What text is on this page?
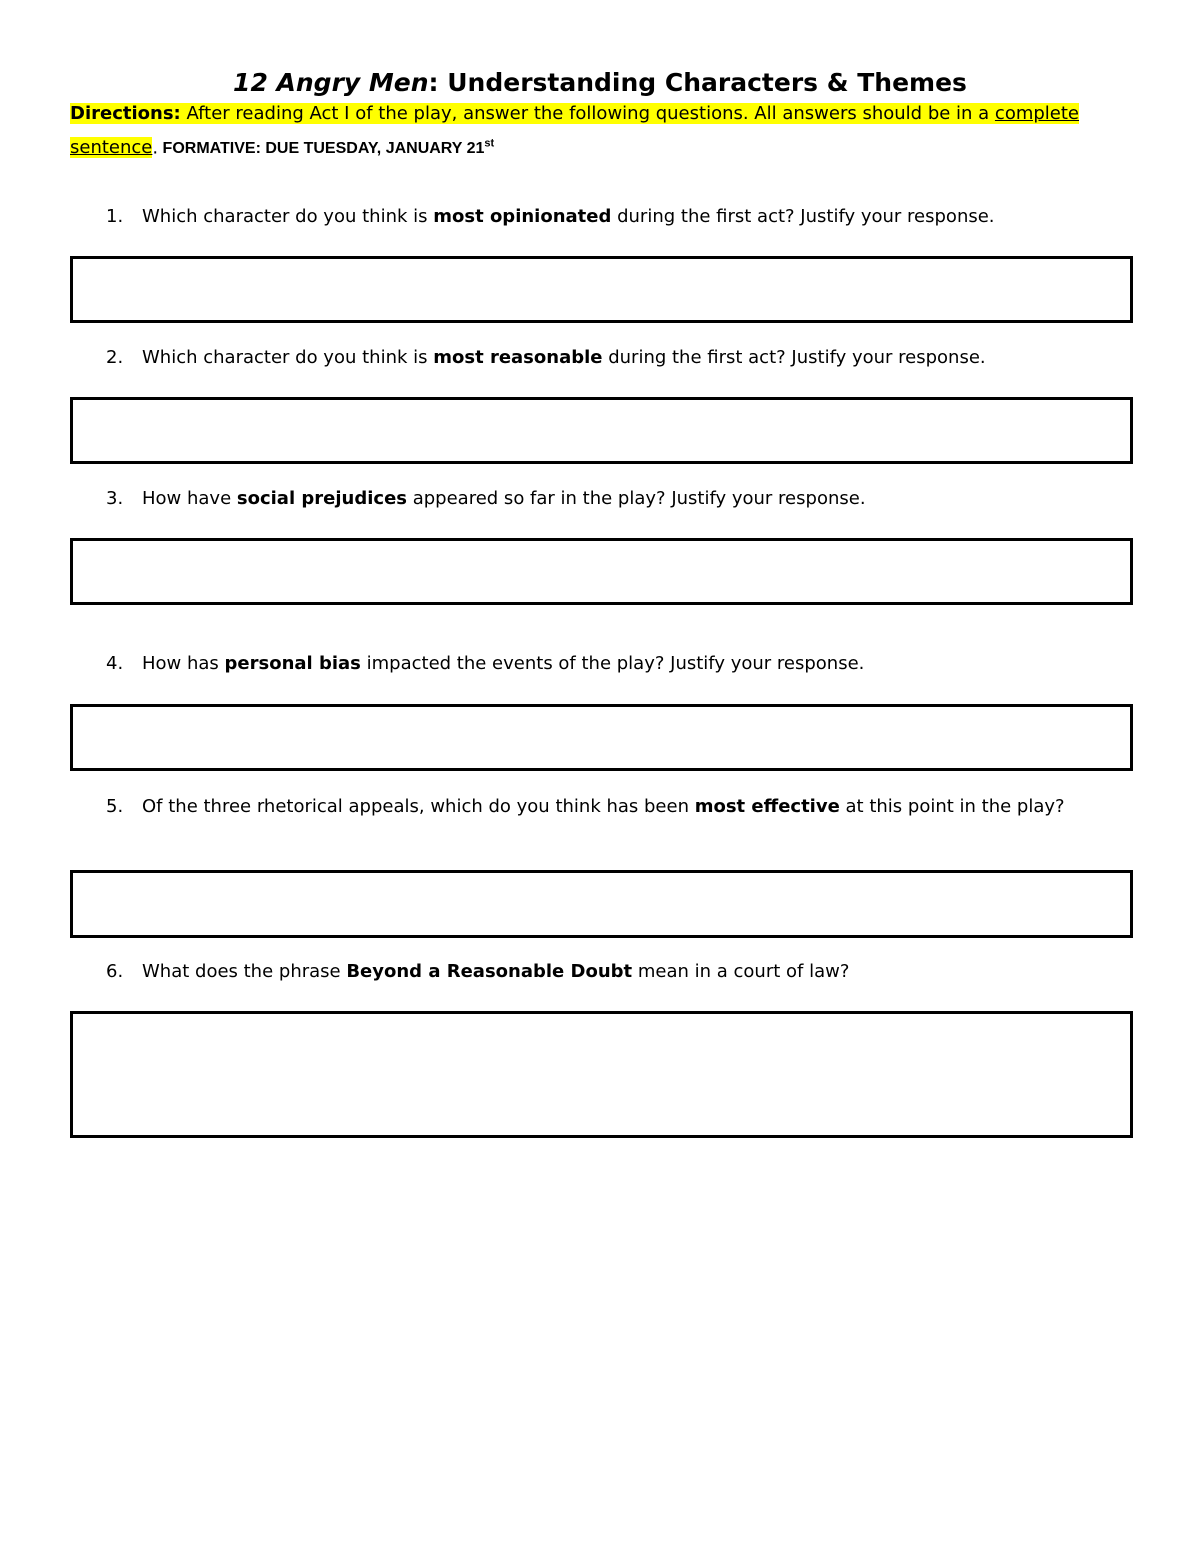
12 Angry Men: Understanding Characters & Themes
Directions: After reading Act I of the play, answer the following questions. All answers should be in a complete sentence. FORMATIVE: DUE TUESDAY, JANUARY 21st
1.	Which character do you think is most opinionated during the first act? Justify your response.
2.	Which character do you think is most reasonable during the first act? Justify your response.
3.	How have social prejudices appeared so far in the play? Justify your response.
4.	How has personal bias impacted the events of the play? Justify your response.
5.	Of the three rhetorical appeals, which do you think has been most effective at this point in the play?
6.	What does the phrase Beyond a Reasonable Doubt mean in a court of law?
